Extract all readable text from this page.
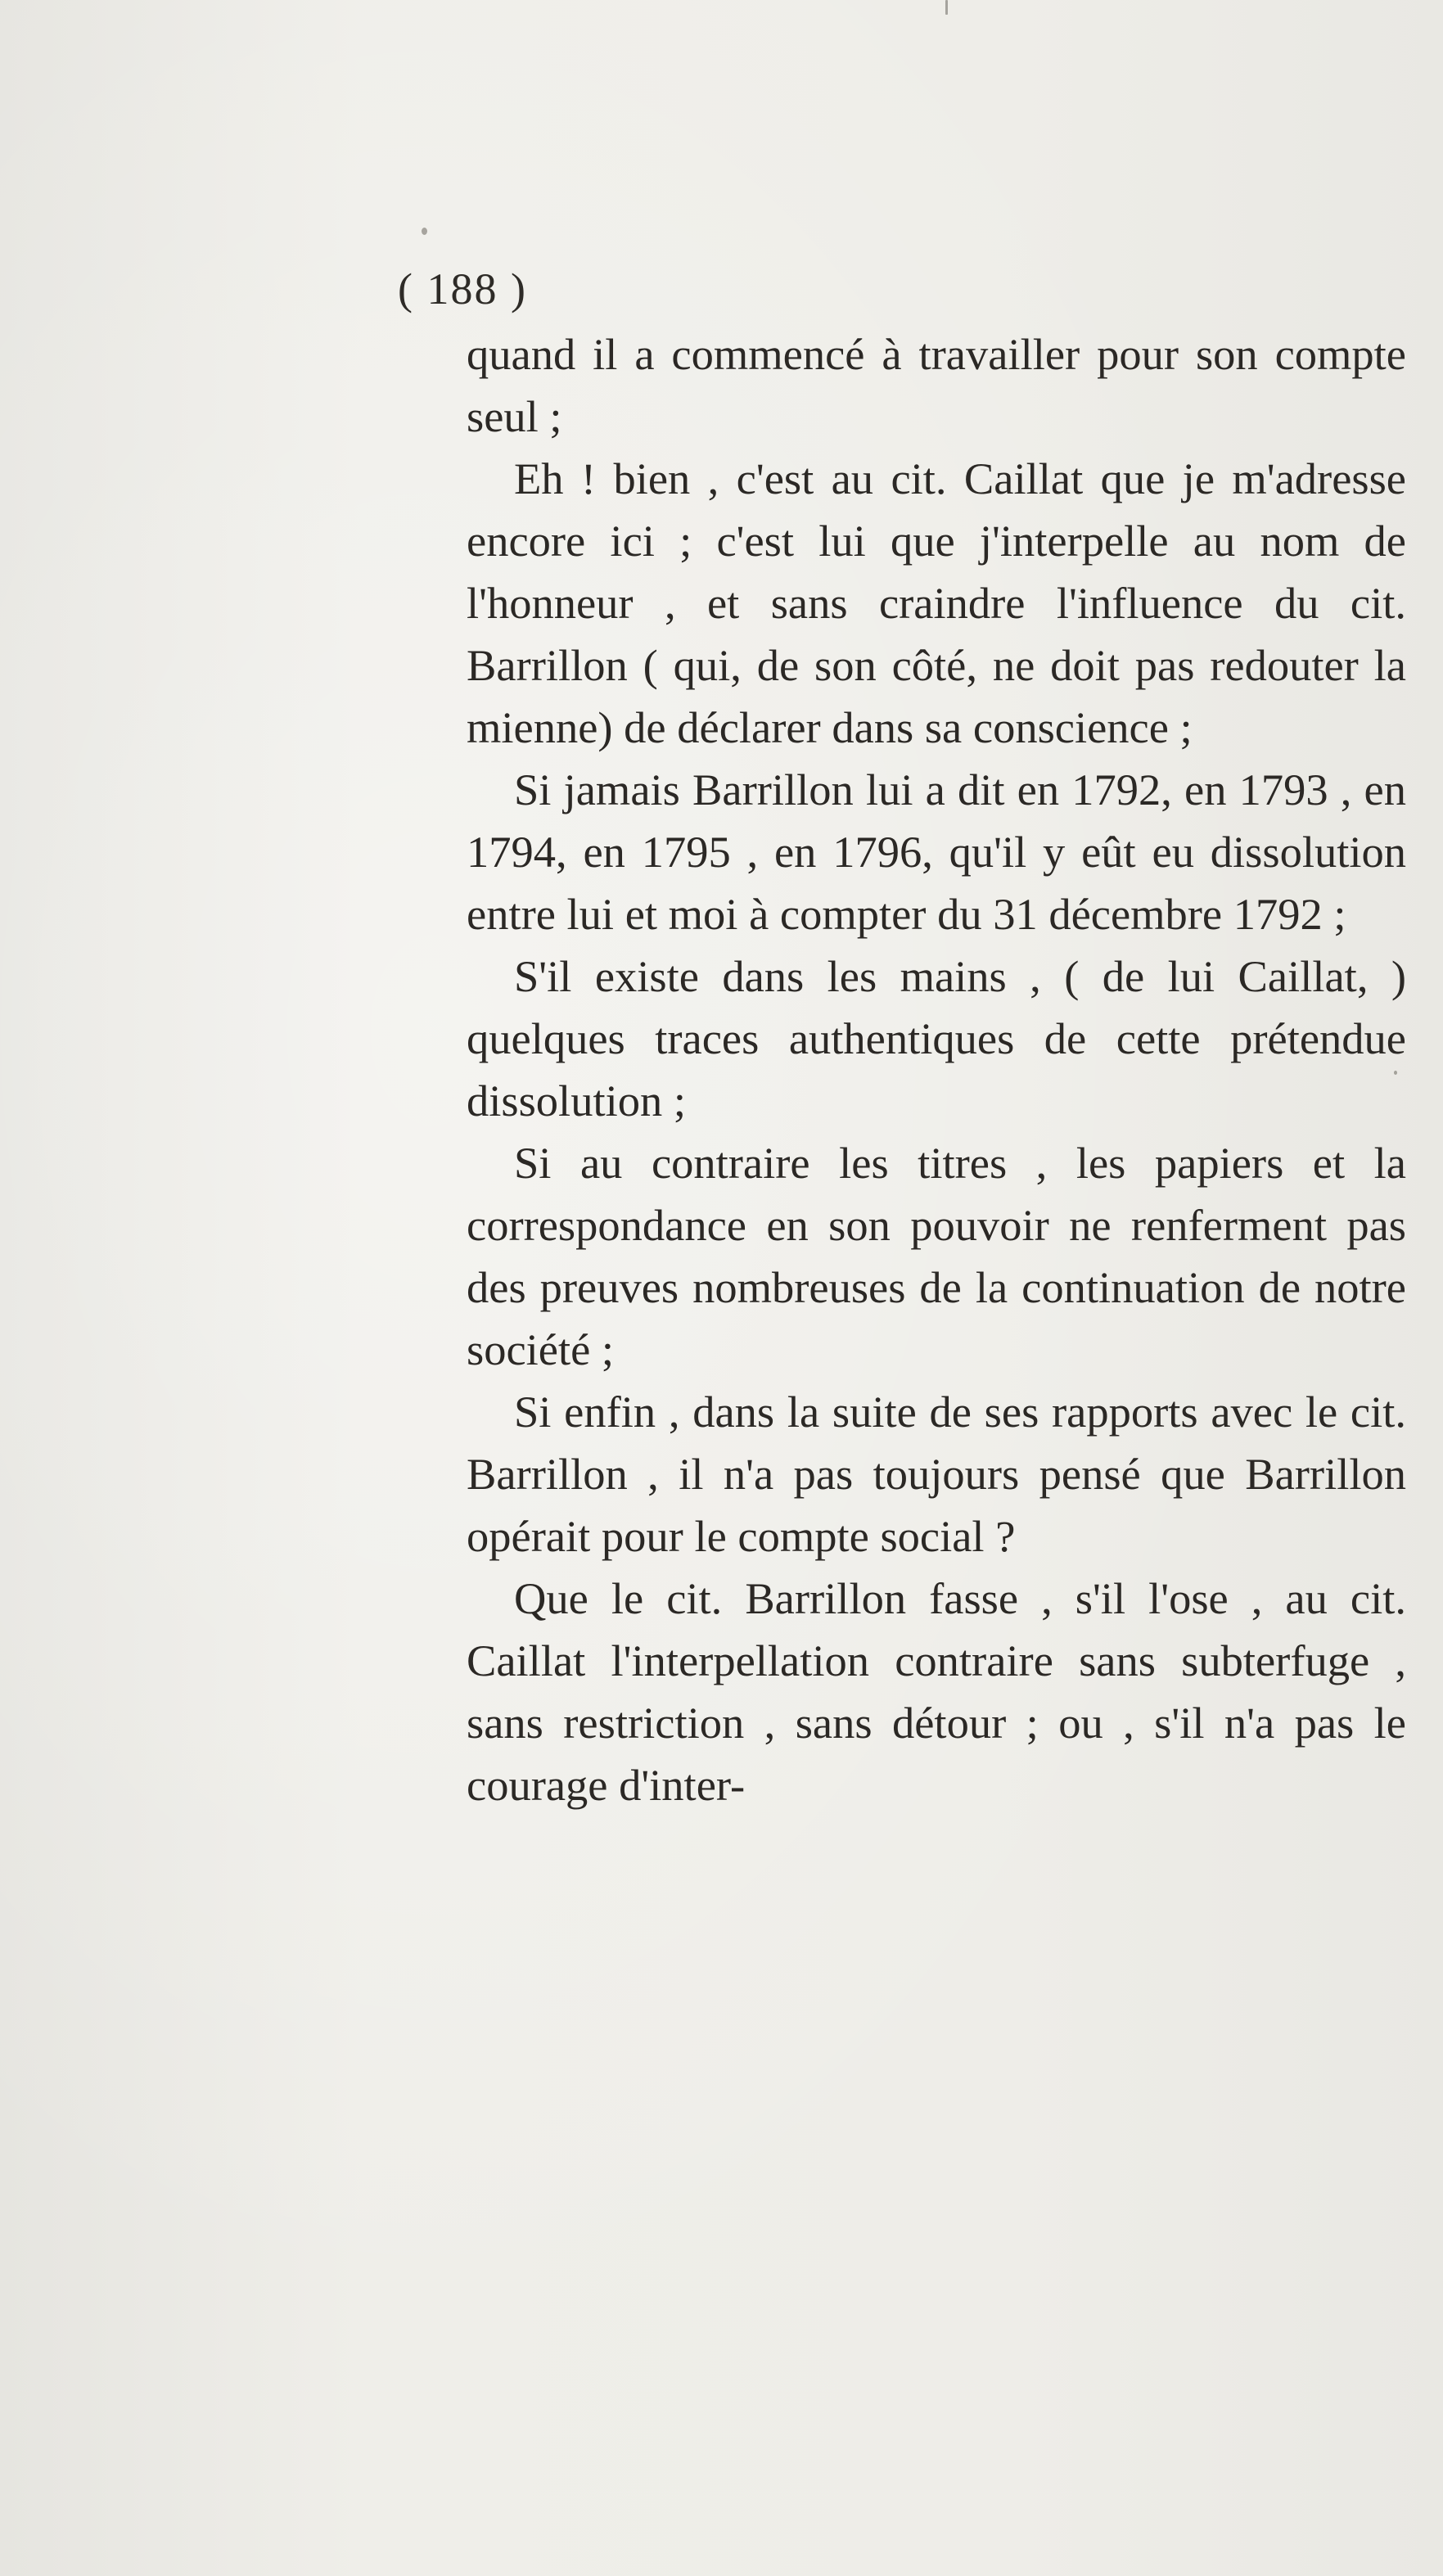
( 188 )

quand il a commencé à travailler pour son compte seul ;

Eh ! bien , c'est au cit. Caillat que je m'adresse encore ici ; c'est lui que j'interpelle au nom de l'honneur , et sans craindre l'influence du cit. Barrillon ( qui, de son côté, ne doit pas redouter la mienne) de déclarer dans sa conscience ;

Si jamais Barrillon lui a dit en 1792, en 1793 , en 1794, en 1795 , en 1796, qu'il y eût eu dissolution entre lui et moi à compter du 31 décembre 1792 ;

S'il existe dans les mains , ( de lui Caillat, ) quelques traces authentiques de cette prétendue dissolution ;

Si au contraire les titres , les papiers et la correspondance en son pouvoir ne renferment pas des preuves nombreuses de la continuation de notre société ;

Si enfin , dans la suite de ses rapports avec le cit. Barrillon , il n'a pas toujours pensé que Barrillon opérait pour le compte social ?

Que le cit. Barrillon fasse , s'il l'ose , au cit. Caillat l'interpellation contraire sans subterfuge , sans restriction , sans détour ; ou , s'il n'a pas le courage d'inter-
